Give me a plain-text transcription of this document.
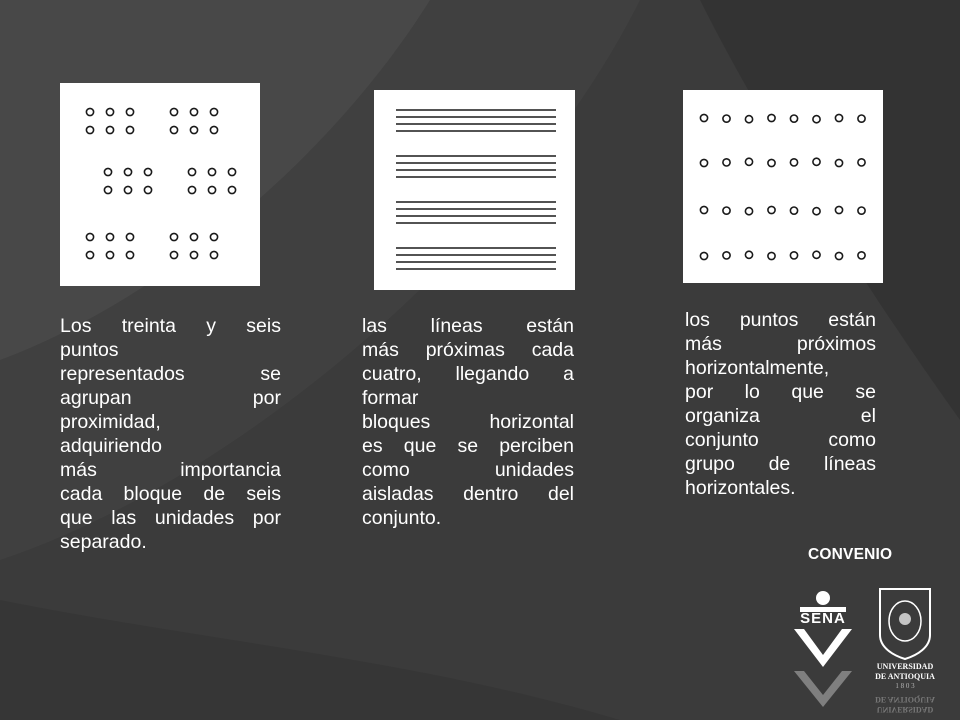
Los treinta y seis
puntos
representados se
agrupan por
proximidad,
adquiriendo
más importancia
cada bloque de seis
que las unidades por
separado.
las líneas están
más próximas cada
cuatro, llegando a
formar
bloques horizontal
es que se perciben
como unidades
aisladas dentro del
conjunto.
los puntos están
más próximos
horizontalmente,
por lo que se
organiza el
conjunto como
grupo de líneas
horizontales.
CONVENIO
SENA
UNIVERSIDAD
DE ANTIOQUIA
1 8 0 3
DE ANTIOQUIA
UNIVERSIDAD
